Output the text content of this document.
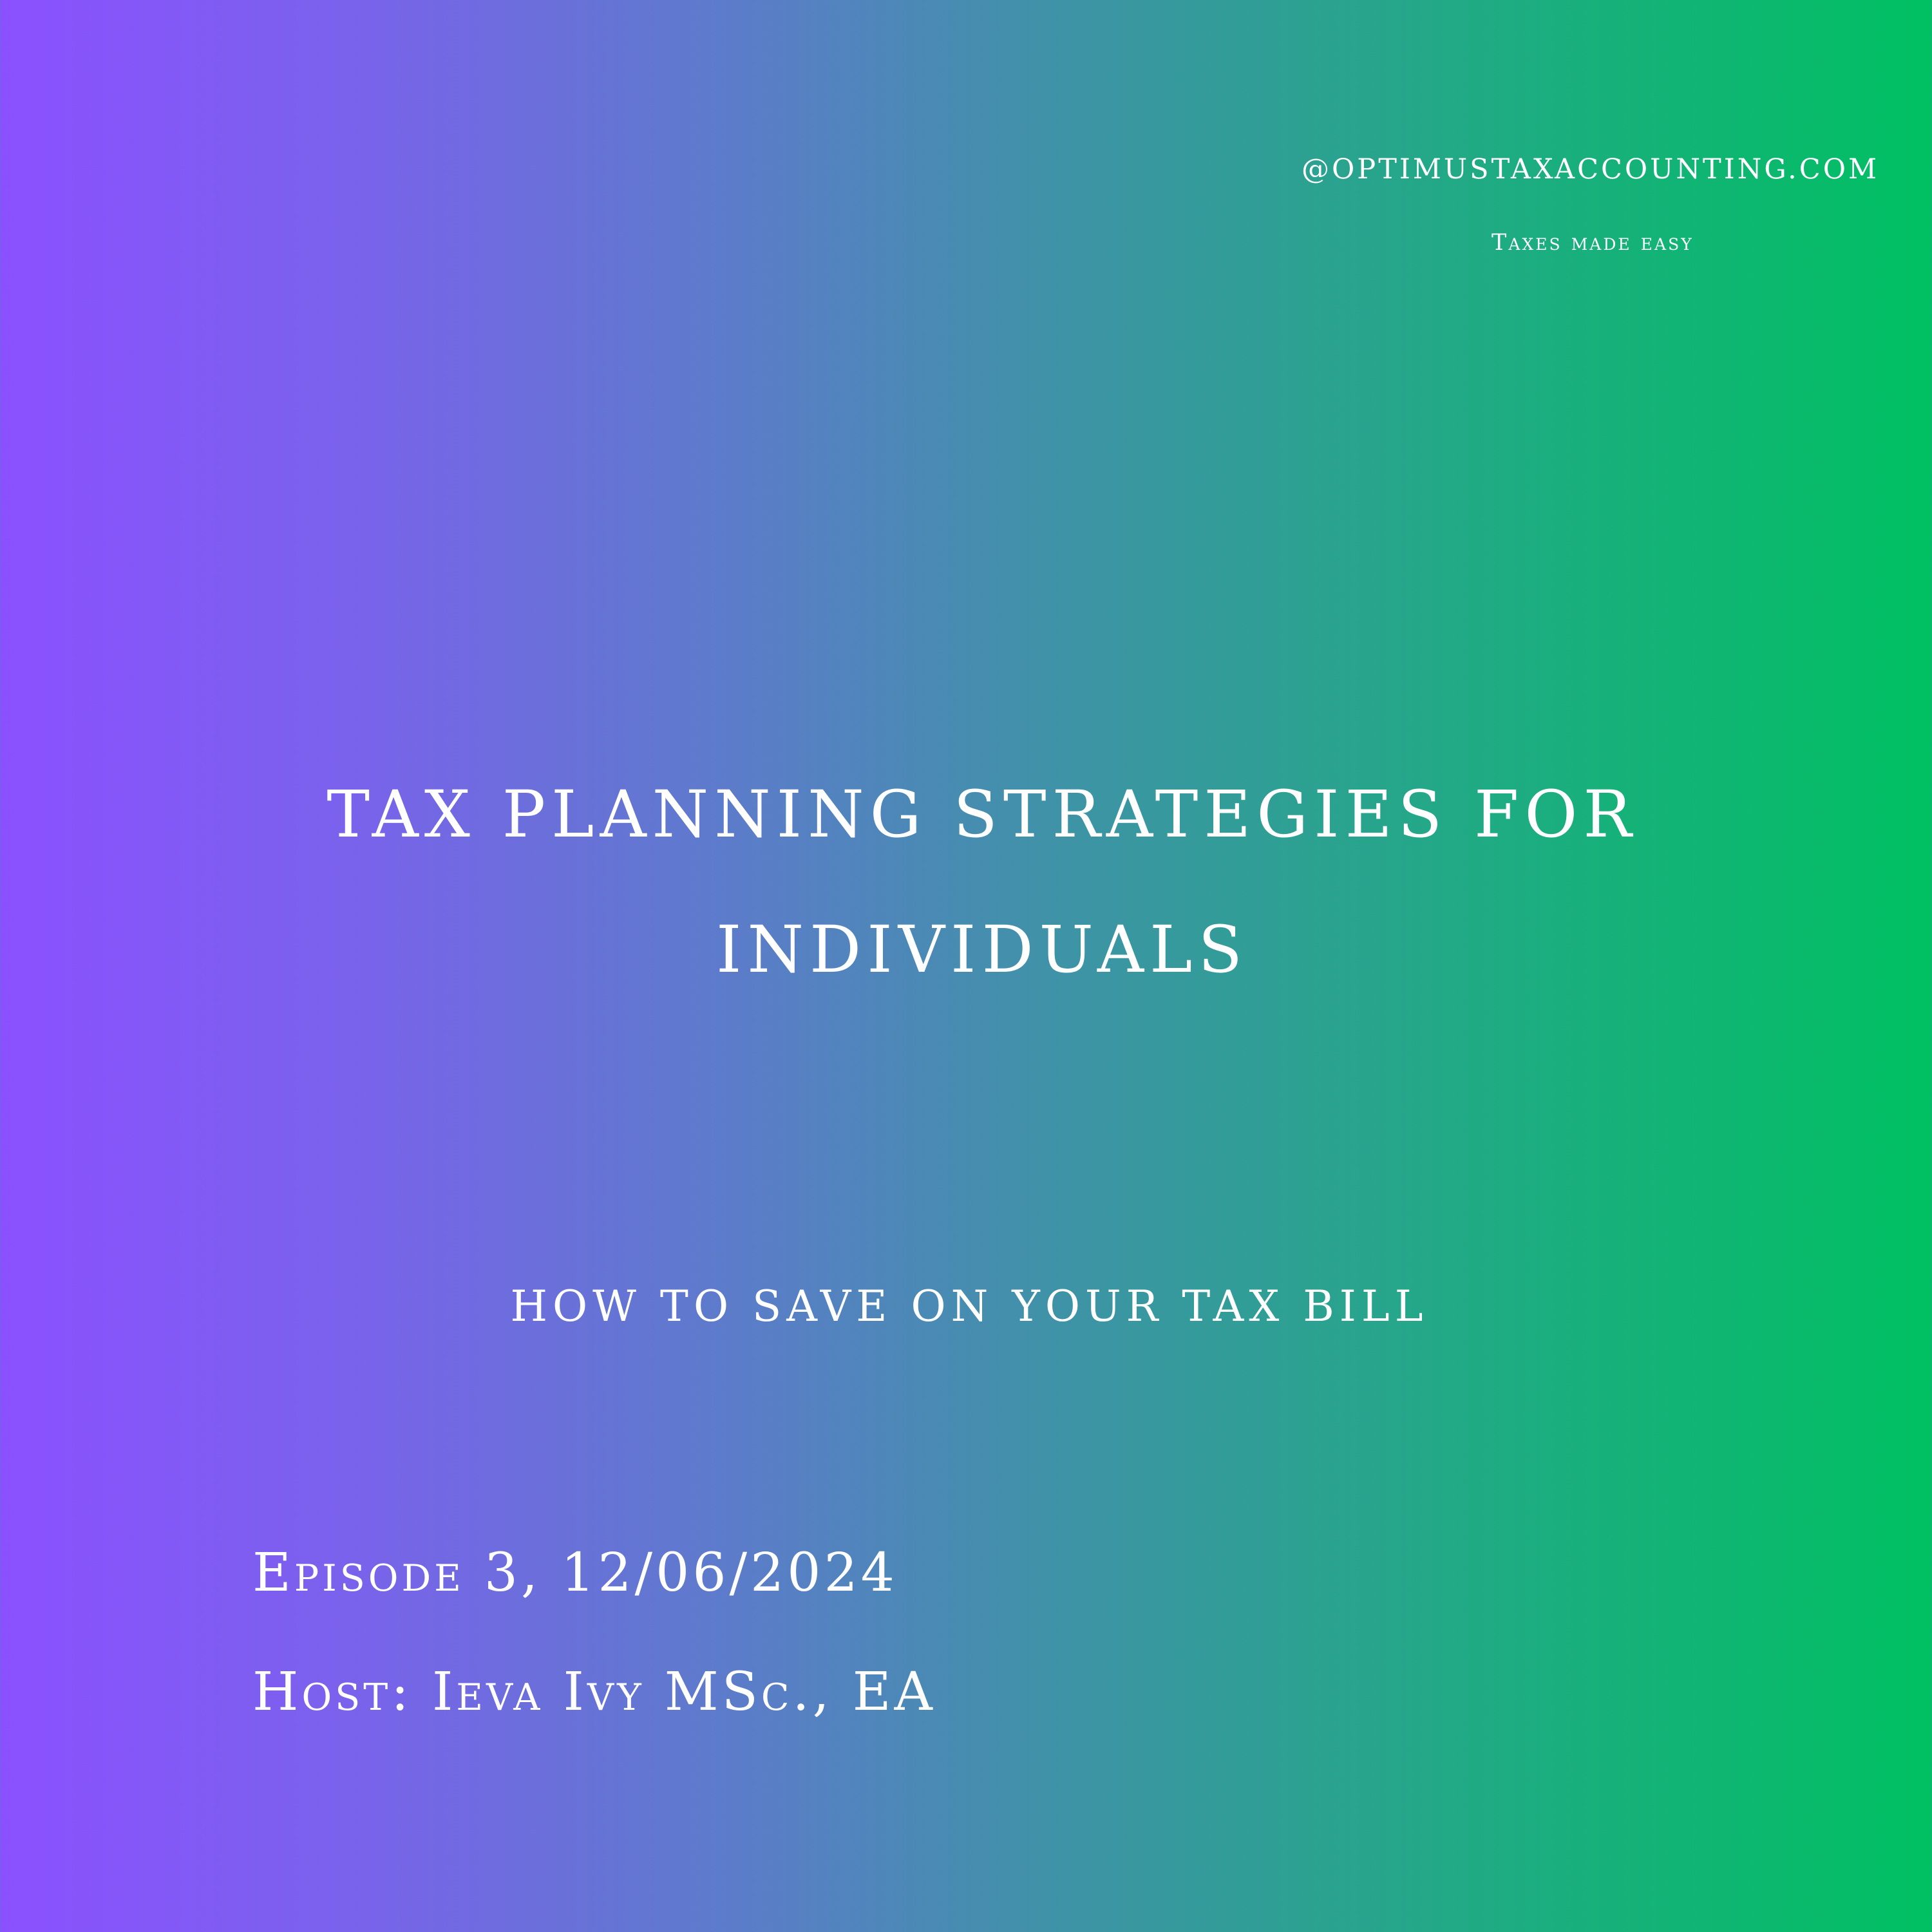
@OPTIMUSTAXACCOUNTING.COM
Taxes made easy
TAX PLANNING STRATEGIES FOR
INDIVIDUALS
HOW TO SAVE ON YOUR TAX BILL
Episode 3, 12/06/2024
Host: Ieva Ivy MSc., EA
